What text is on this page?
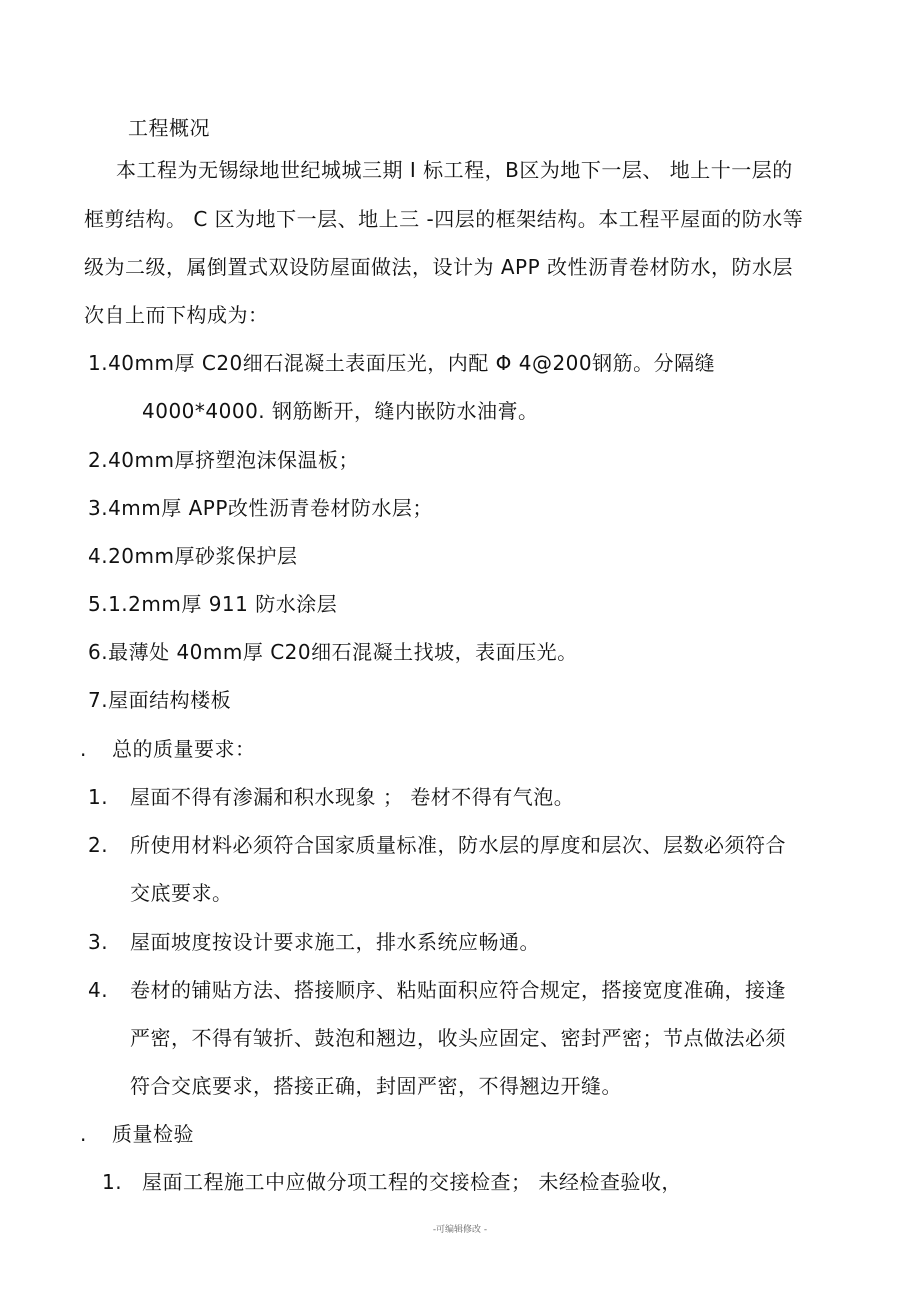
工程概况
本工程为无锡绿地世纪城城三期 Ⅰ 标工程，B区为地下一层、 地上十一层的
框剪结构。 C 区为地下一层、地上三 -四层的框架结构。本工程平屋面的防水等
级为二级，属倒置式双设防屋面做法，设计为 APP 改性沥青卷材防水，防水层
次自上而下构成为：
1.40mm厚 C20细石混凝土表面压光，内配 Φ 4@200钢筋。分隔缝
4000*4000. 钢筋断开，缝内嵌防水油膏。
2.40mm厚挤塑泡沫保温板；
3.4mm厚 APP改性沥青卷材防水层；
4.20mm厚砂浆保护层
5.1.2mm厚 911 防水涂层
6.最薄处 40mm厚 C20细石混凝土找坡，表面压光。
7.屋面结构楼板
. 总的质量要求：
1. 屋面不得有渗漏和积水现象 ； 卷材不得有气泡。
2. 所使用材料必须符合国家质量标准，防水层的厚度和层次、层数必须符合
交底要求。
3. 屋面坡度按设计要求施工，排水系统应畅通。
4. 卷材的铺贴方法、搭接顺序、粘贴面积应符合规定，搭接宽度准确，接逢
严密，不得有皱折、鼓泡和翘边，收头应固定、密封严密；节点做法必须
符合交底要求，搭接正确，封固严密，不得翘边开缝。
. 质量检验
1. 屋面工程施工中应做分项工程的交接检查； 未经检查验收，
-可编辑修改 -
